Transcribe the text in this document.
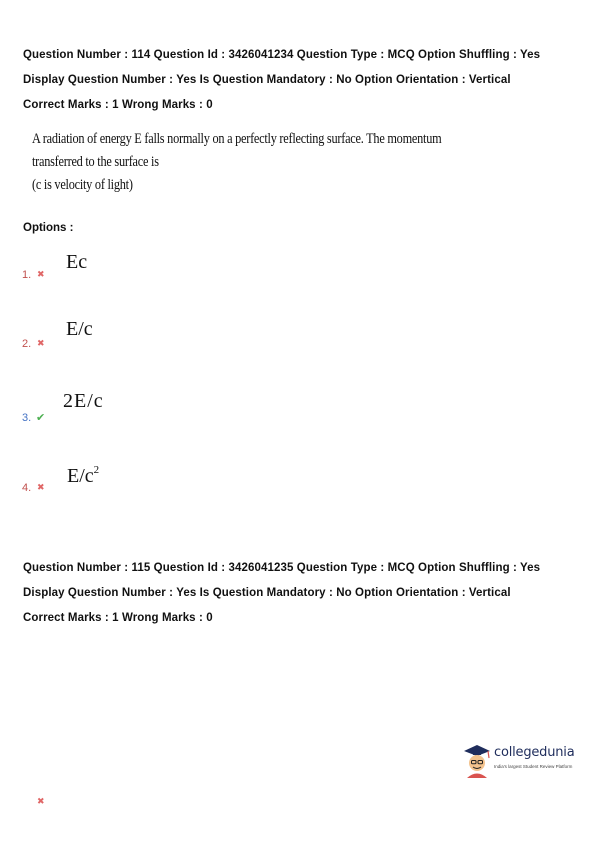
Question Number : 114 Question Id : 3426041234 Question Type : MCQ Option Shuffling : Yes
Display Question Number : Yes Is Question Mandatory : No Option Orientation : Vertical
Correct Marks : 1 Wrong Marks : 0
A radiation of energy E falls normally on a perfectly reflecting surface. The momentum
transferred to the surface is
(c is velocity of light)
Options :
1. ✖
Ec
2. ✖
E/c
3. ✔
2E/c
4. ✖ $E/c^2$
Question Number : 115 Question Id : 3426041235 Question Type : MCQ Option Shuffling : Yes
Display Question Number : Yes Is Question Mandatory : No Option Orientation : Vertical
Correct Marks : 1 Wrong Marks : 0
collegedunia
India's largest Student Review Platform
✖
